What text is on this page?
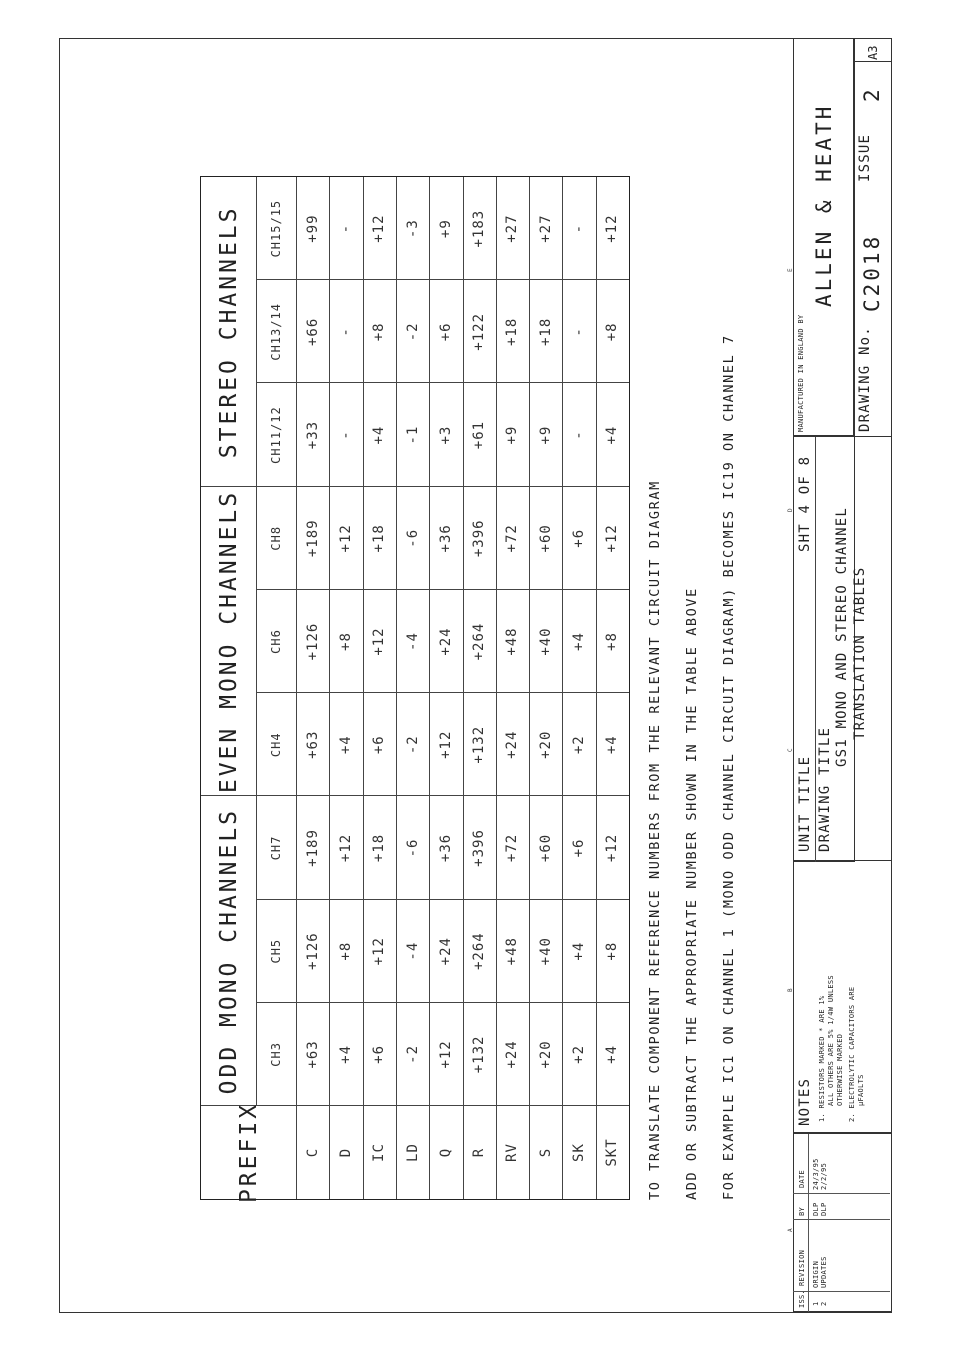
PREFIX
ODD MONO CHANNELS
EVEN MONO CHANNELS
STEREO CHANNELS
CH3
CH5
CH7
CH4
CH6
CH8
CH11/12
CH13/14
CH15/15
C
+63
+126
+189
+63
+126
+189
+33
+66
+99
D
+4
+8
+12
+4
+8
+12
-
-
-
IC
+6
+12
+18
+6
+12
+18
+4
+8
+12
LD
-2
-4
-6
-2
-4
-6
-1
-2
-3
Q
+12
+24
+36
+12
+24
+36
+3
+6
+9
R
+132
+264
+396
+132
+264
+396
+61
+122
+183
RV
+24
+48
+72
+24
+48
+72
+9
+18
+27
S
+20
+40
+60
+20
+40
+60
+9
+18
+27
SK
+2
+4
+6
+2
+4
+6
-
-
-
SKT
+4
+8
+12
+4
+8
+12
+4
+8
+12
TO TRANSLATE COMPONENT REFERENCE NUMBERS FROM THE RELEVANT CIRCUIT DIAGRAM ADD OR SUBTRACT THE APPROPRIATE NUMBER SHOWN IN THE TABLE ABOVE FOR EXAMPLE IC1 ON CHANNEL 1 (MONO ODD CHANNEL CIRCUIT DIAGRAM) BECOMES IC19 ON CHANNEL 7
A
B
C
D
E
ISS.
REVISION
BY
DATE
1
ORIGIN
DLP
24/3/95
2
UPDATES
DLP
2/2/95
NOTES 1. RESISTORS MARKED * ARE 1% ALL OTHERS ARE 5% 1/4W UNLESS OTHERWISE MARKED 2. ELECTROLYTIC CAPACITORS ARE µFAOLTS
UNIT TITLE
SHT 4 OF 8
DRAWING TITLE
GS1 MONO AND STEREO CHANNEL TRANSLATION TABLES
MANUFACTURED IN ENGLAND BY
ALLEN & HEATH
DRAWING No.
C2018
ISSUE
2
A3
